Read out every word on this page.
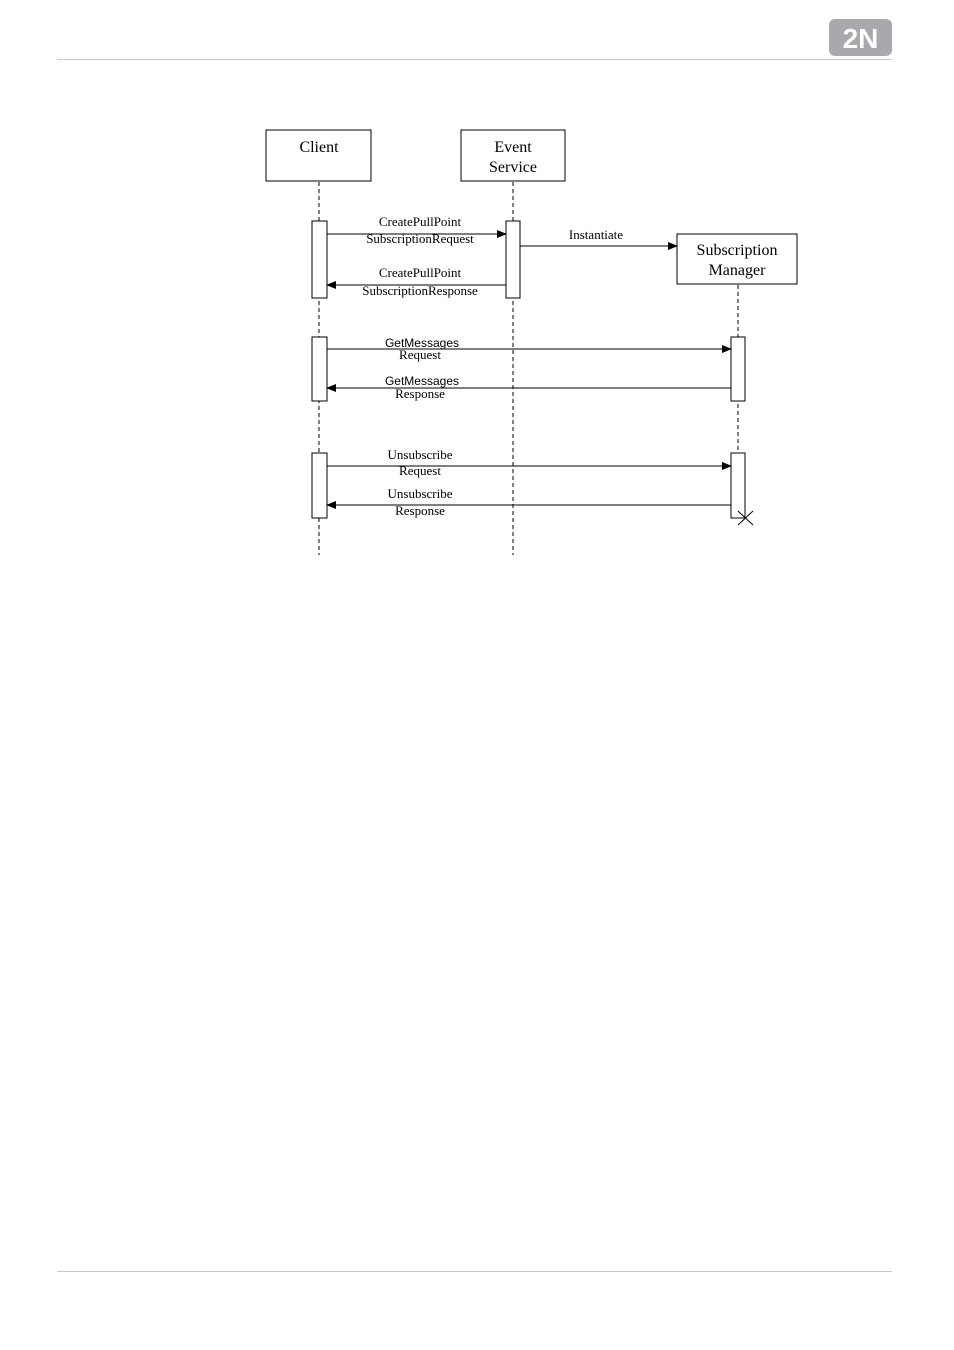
2N
Client	Event
Service
Subscription
Manager
CreatePullPoint
SubscriptionRequest
CreatePullPoint
SubscriptionResponse
Instantiate
GetMessages
Request
GetMessages
Response
Unsubscribe
Request
Unsubscribe
Response
